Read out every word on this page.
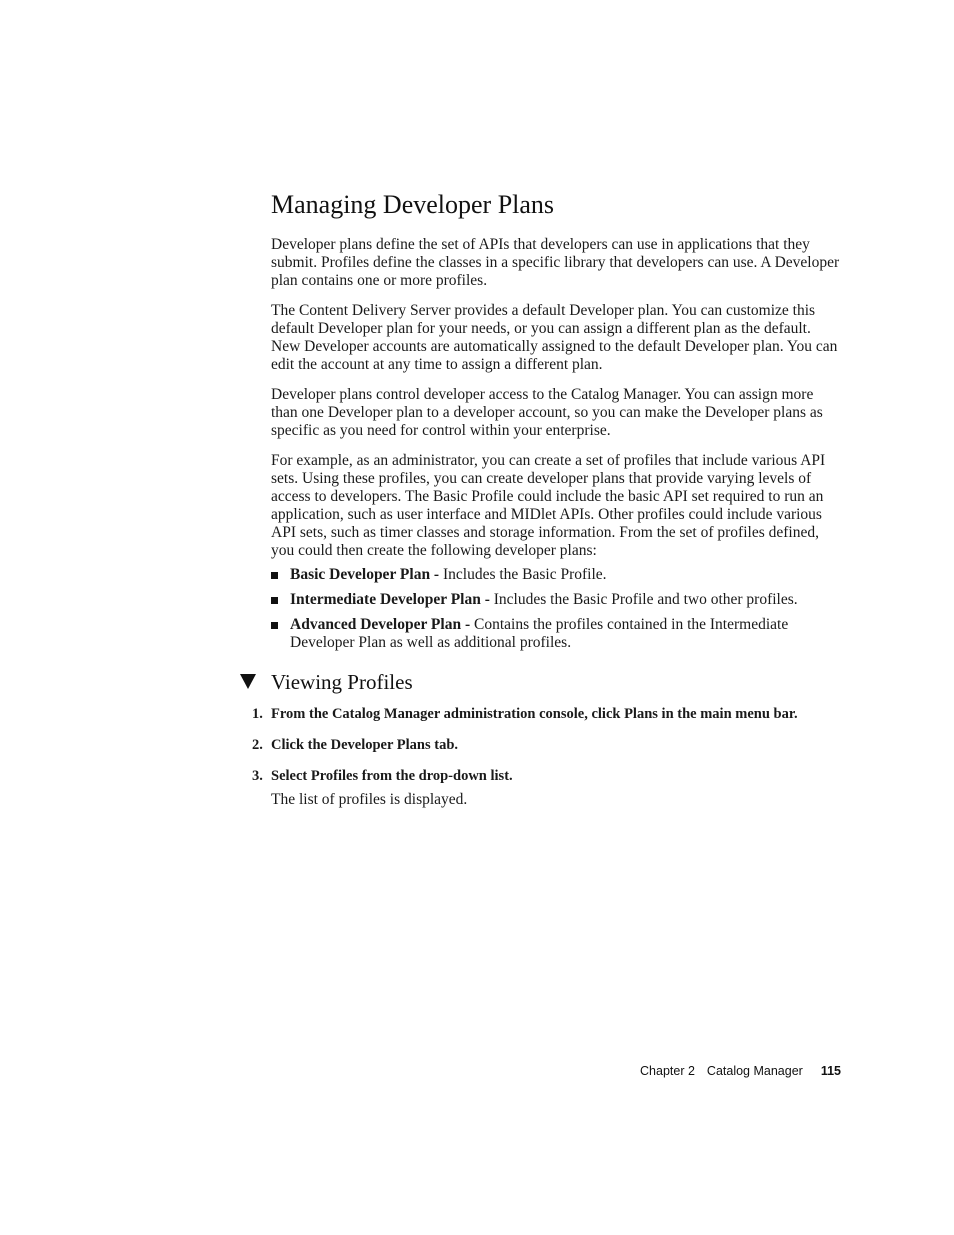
Managing Developer Plans

Developer plans define the set of APIs that developers can use in applications that they submit. Profiles define the classes in a specific library that developers can use. A Developer plan contains one or more profiles.

The Content Delivery Server provides a default Developer plan. You can customize this default Developer plan for your needs, or you can assign a different plan as the default. New Developer accounts are automatically assigned to the default Developer plan. You can edit the account at any time to assign a different plan.

Developer plans control developer access to the Catalog Manager. You can assign more than one Developer plan to a developer account, so you can make the Developer plans as specific as you need for control within your enterprise.

For example, as an administrator, you can create a set of profiles that include various API sets. Using these profiles, you can create developer plans that provide varying levels of access to developers. The Basic Profile could include the basic API set required to run an application, such as user interface and MIDlet APIs. Other profiles could include various API sets, such as timer classes and storage information. From the set of profiles defined, you could then create the following developer plans:

Basic Developer Plan - Includes the Basic Profile.
Intermediate Developer Plan - Includes the Basic Profile and two other profiles.
Advanced Developer Plan - Contains the profiles contained in the Intermediate Developer Plan as well as additional profiles.
Viewing Profiles
1. From the Catalog Manager administration console, click Plans in the main menu bar.
2. Click the Developer Plans tab.
3. Select Profiles from the drop-down list.
The list of profiles is displayed.
Chapter 2 Catalog Manager 115
